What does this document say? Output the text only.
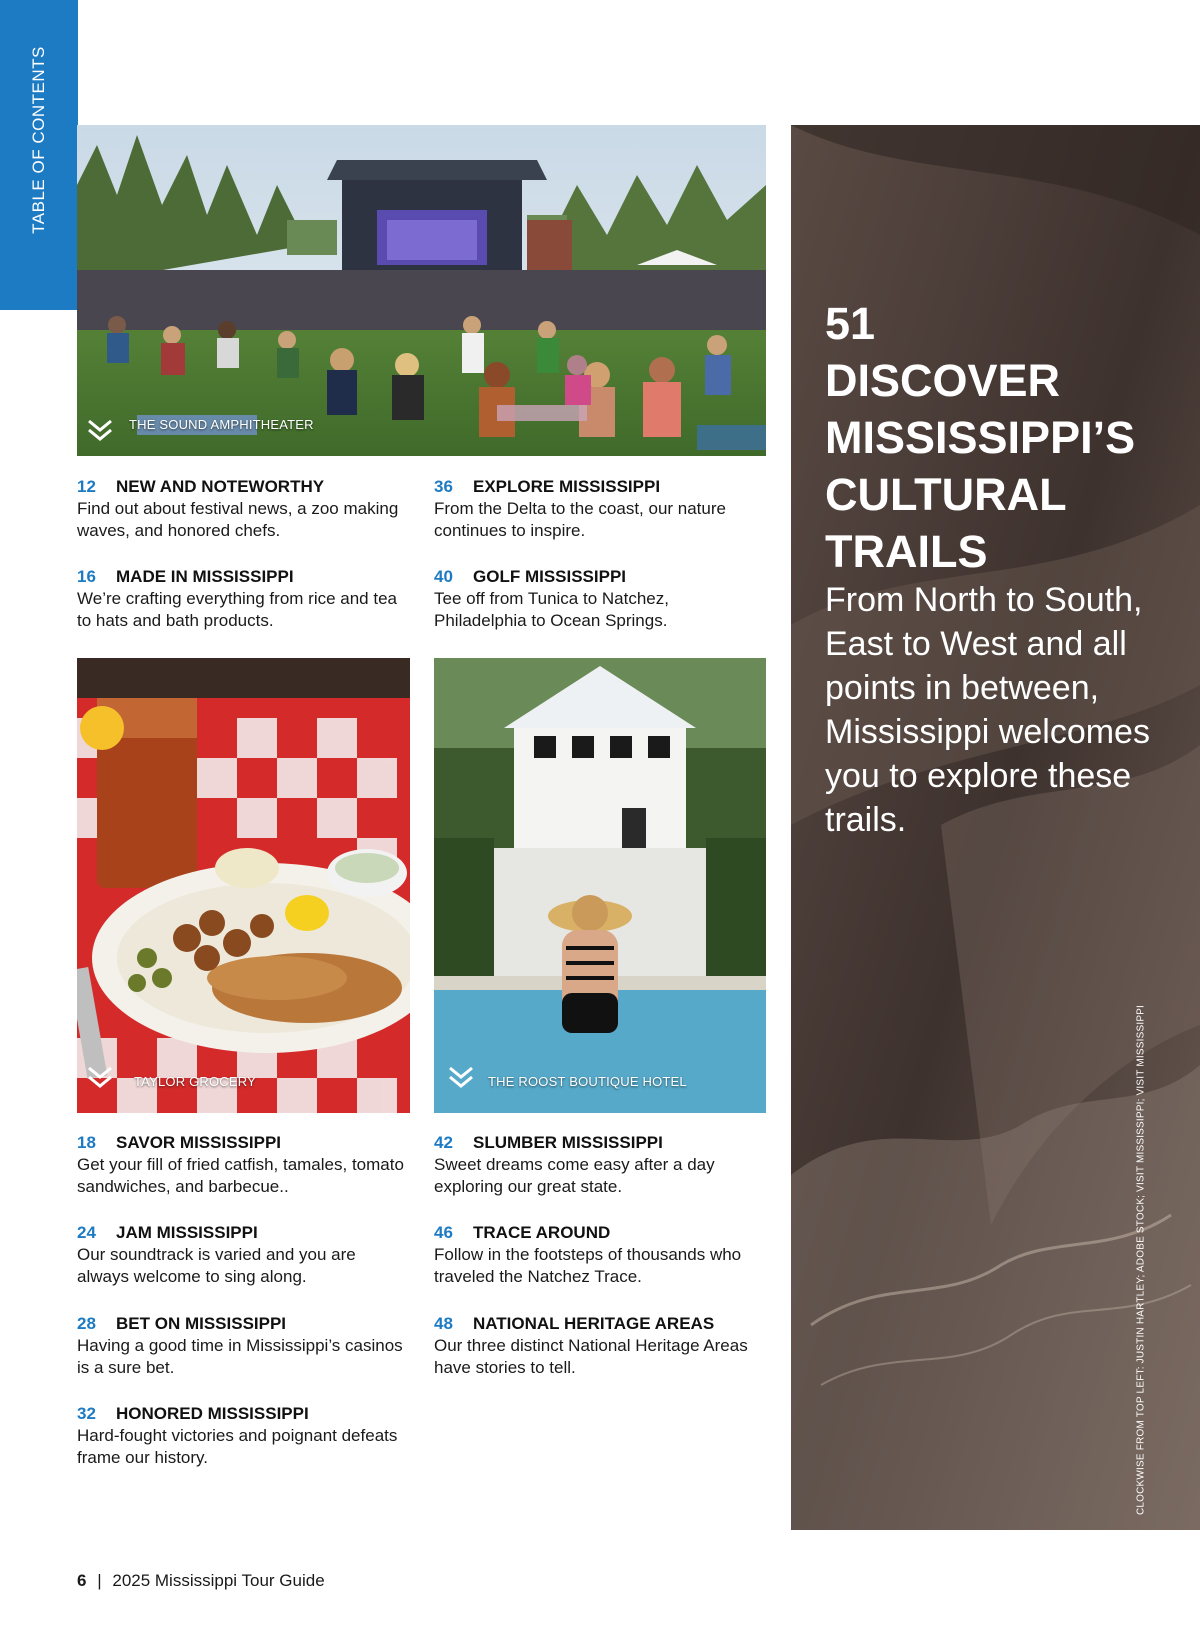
TABLE OF CONTENTS
THE SOUND AMPHITHEATER
12 NEW AND NOTEWORTHY
Find out about festival news, a zoo making waves, and honored chefs.
36 EXPLORE MISSISSIPPI
From the Delta to the coast, our nature continues to inspire.
16 MADE IN MISSISSIPPI
We’re crafting everything from rice and tea to hats and bath products.
40 GOLF MISSISSIPPI
Tee off from Tunica to Natchez, Philadelphia to Ocean Springs.
TAYLOR GROCERY	THE ROOST BOUTIQUE HOTEL
18 SAVOR MISSISSIPPI
Get your fill of fried catfish, tamales, tomato sandwiches, and barbecue..
42 SLUMBER MISSISSIPPI
Sweet dreams come easy after a day exploring our great state.
24 JAM MISSISSIPPI
Our soundtrack is varied and you are always welcome to sing along.
46 TRACE AROUND
Follow in the footsteps of thousands who traveled the Natchez Trace.
28 BET ON MISSISSIPPI
Having a good time in Mississippi’s casinos is a sure bet.
48 NATIONAL HERITAGE AREAS
Our three distinct National Heritage Areas have stories to tell.
32 HONORED MISSISSIPPI
Hard-fought victories and poignant defeats frame our history.
51
DISCOVER MISSISSIPPI’S CULTURAL TRAILS
From North to South, East to West and all points in between, Mississippi welcomes you to explore these trails.
CLOCKWISE FROM TOP LEFT: JUSTIN HARTLEY; ADOBE STOCK; VISIT MISSISSIPPI; VISIT MISSISSIPPI
6 | 2025 Mississippi Tour Guide
